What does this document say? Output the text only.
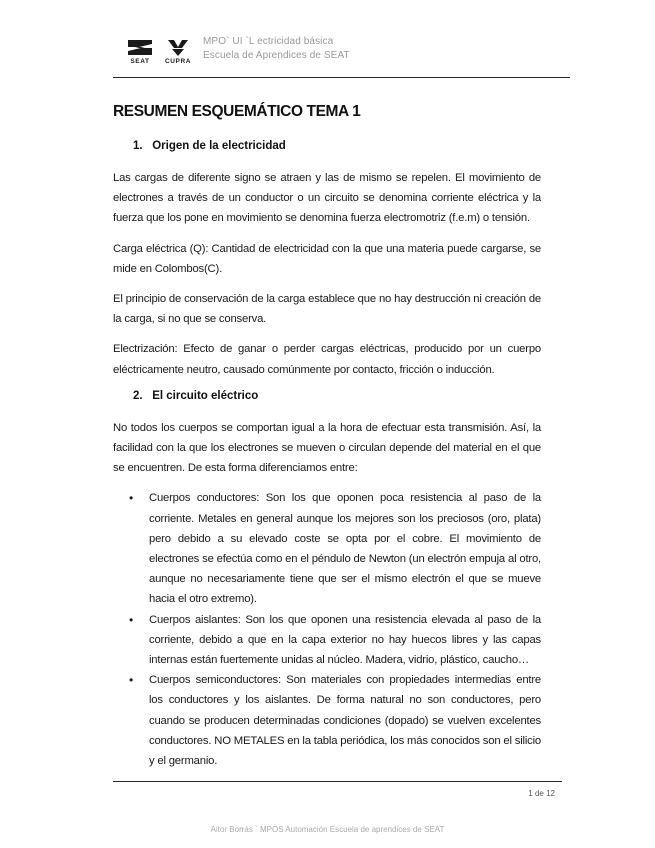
SEAT CUPRA
MPO` UI `L ectricidad básica
Escuela de Aprendices de SEAT
RESUMEN ESQUEMÁTICO TEMA 1
1. Origen de la electricidad

Las cargas de diferente signo se atraen y las de mismo se repelen. El movimiento de electrones a través de un conductor o un circuito se denomina corriente eléctrica y la fuerza que los pone en movimiento se denomina fuerza electromotriz (f.e.m) o tensión.

Carga eléctrica (Q): Cantidad de electricidad con la que una materia puede cargarse, se mide en Colombos(C).

El principio de conservación de la carga establece que no hay destrucción ni creación de la carga, si no que se conserva.

Electrización: Efecto de ganar o perder cargas eléctricas, producido por un cuerpo eléctricamente neutro, causado comúnmente por contacto, fricción o inducción.

2. El circuito eléctrico

No todos los cuerpos se comportan igual a la hora de efectuar esta transmisión. Así, la facilidad con la que los electrones se mueven o circulan depende del material en el que se encuentren. De esta forma diferenciamos entre:

• Cuerpos conductores: Son los que oponen poca resistencia al paso de la corriente. Metales en general aunque los mejores son los preciosos (oro, plata) pero debido a su elevado coste se opta por el cobre. El movimiento de electrones se efectúa como en el péndulo de Newton (un electrón empuja al otro, aunque no necesariamente tiene que ser el mismo electrón el que se mueve hacia el otro extremo).
• Cuerpos aislantes: Son los que oponen una resistencia elevada al paso de la corriente, debido a que en la capa exterior no hay huecos libres y las capas internas están fuertemente unidas al núcleo. Madera, vidrio, plástico, caucho…
• Cuerpos semiconductores: Son materiales con propiedades intermedias entre los conductores y los aislantes. De forma natural no son conductores, pero cuando se producen determinadas condiciones (dopado) se vuelven excelentes conductores. NO METALES en la tabla periódica, los más conocidos son el silicio y el germanio.
1 de 12
Aitor Borrás ` MPOS Automación Escuela de aprendices de SEAT
